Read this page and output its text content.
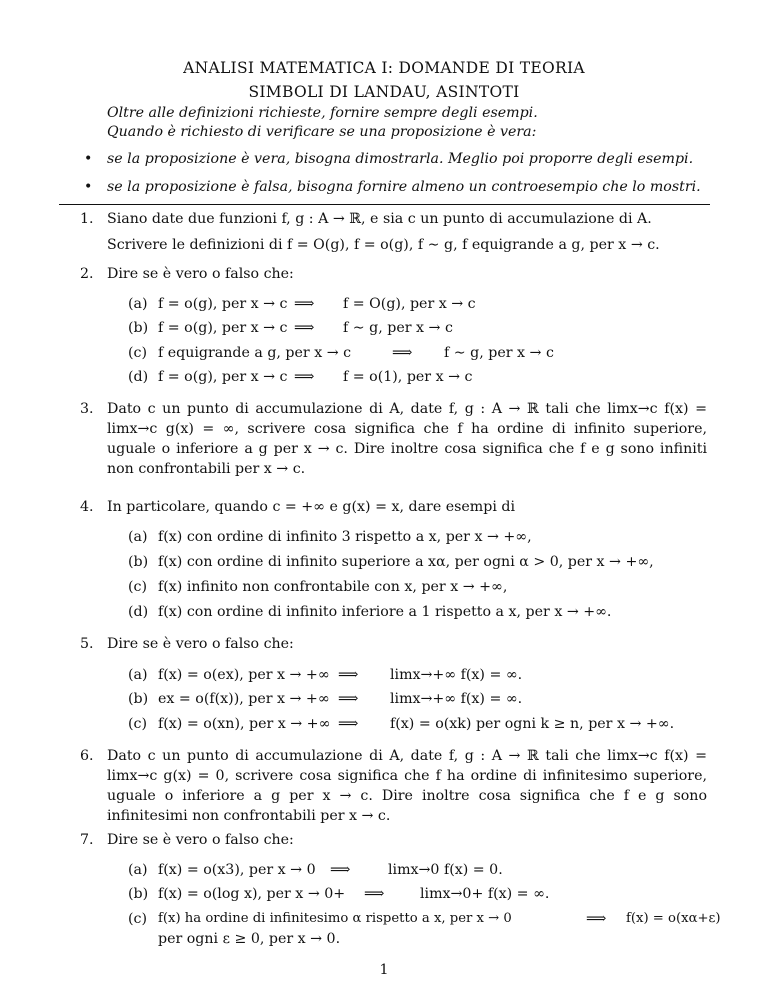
ANALISI MATEMATICA I: DOMANDE DI TEORIA
SIMBOLI DI LANDAU, ASINTOTI
Oltre alle definizioni richieste, fornire sempre degli esempi.
Quando è richiesto di verificare se una proposizione è vera:
• se la proposizione è vera, bisogna dimostrarla. Meglio poi proporre degli esempi.
• se la proposizione è falsa, bisogna fornire almeno un controesempio che lo mostri.
1. Siano date due funzioni f, g : A → ℝ, e sia c un punto di accumulazione di A.
Scrivere le definizioni di f = O(g), f = o(g), f ∼ g, f equigrande a g, per x → c.
2. Dire se è vero o falso che:
(a) f = o(g), per x → c ⟹ f = O(g), per x → c
(b) f = o(g), per x → c ⟹ f ∼ g, per x → c
(c) f equigrande a g, per x → c	⟹ f ∼ g, per x → c
(d) f = o(g), per x → c ⟹ f = o(1), per x → c
3. Dato c un punto di accumulazione di A, date f, g : A → ℝ tali che limx→c f(x) = limx→c g(x) = ∞, scrivere cosa significa che f ha ordine di infinito superiore, uguale o inferiore a g per x → c. Dire inoltre cosa significa che f e g sono infiniti non confrontabili per x → c.
4. In particolare, quando c = +∞ e g(x) = x, dare esempi di
(a) f(x) con ordine di infinito 3 rispetto a x, per x → +∞,
(b) f(x) con ordine di infinito superiore a xα, per ogni α > 0, per x → +∞,
(c) f(x) infinito non confrontabile con x, per x → +∞,
(d) f(x) con ordine di infinito inferiore a 1 rispetto a x, per x → +∞.
5. Dire se è vero o falso che:
(a) f(x) = o(ex), per x → +∞ ⟹ limx→+∞ f(x) = ∞.
(b) ex = o(f(x)), per x → +∞ ⟹ limx→+∞ f(x) = ∞.
(c) f(x) = o(xn), per x → +∞ ⟹ f(x) = o(xk) per ogni k ≥ n, per x → +∞.
6. Dato c un punto di accumulazione di A, date f, g : A → ℝ tali che limx→c f(x) = limx→c g(x) = 0, scrivere cosa significa che f ha ordine di infinitesimo superiore, uguale o inferiore a g per x → c. Dire inoltre cosa significa che f e g sono infinitesimi non confrontabili per x → c.
7. Dire se è vero o falso che:
(a) f(x) = o(x3), per x → 0 ⟹	limx→0 f(x) = 0.
(b) f(x) = o(log x), per x → 0+ ⟹	limx→0+ f(x) = ∞.
(c) f(x) ha ordine di infinitesimo α rispetto a x, per x → 0	⟹ f(x) = o(xα+ε)
per ogni ε ≥ 0, per x → 0.
1
